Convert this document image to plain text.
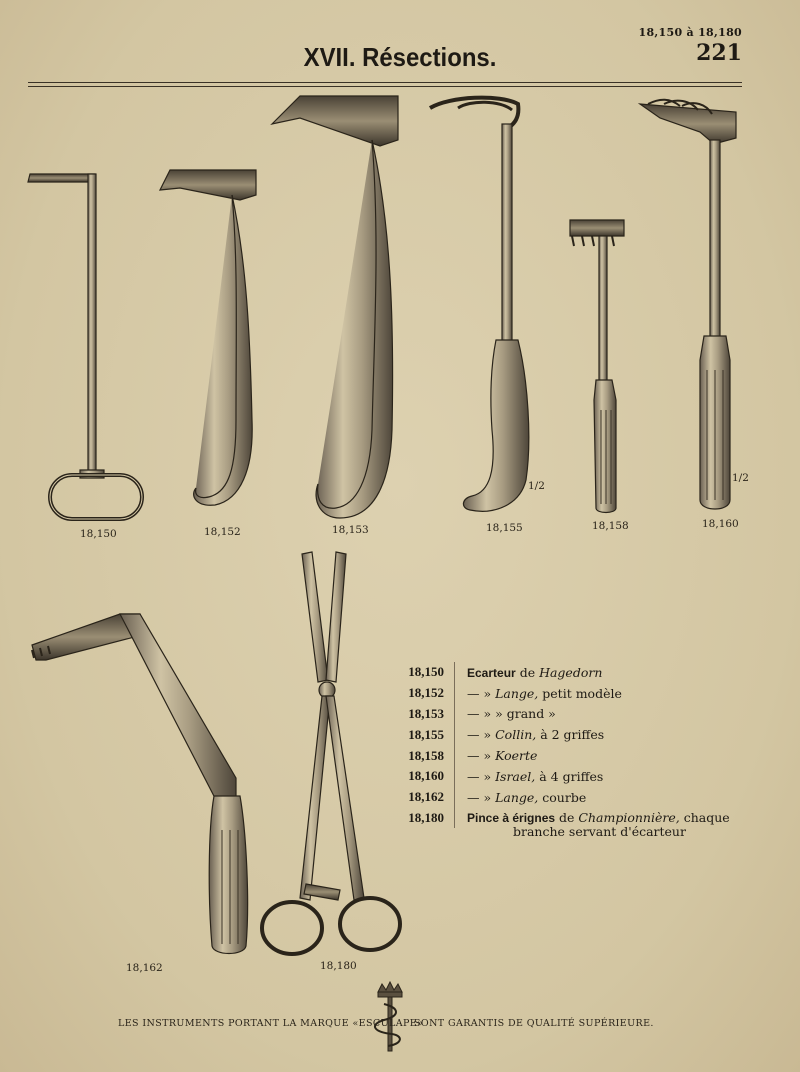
18,150 à 18,180
221
XVII. Résections.
18,150	18,152	18,153	18,155	18,158	18,160
18,162	18,180
1/2
1/2
18,150	Ecarteur de Hagedorn
18,152	— » Lange, petit modèle
18,153	— » » grand »
18,155	— » Collin, à 2 griffes
18,158	— » Koerte
18,160	— » Israel, à 4 griffes
18,162	— » Lange, courbe
18,180	Pince à érignes de Championnière, chaque
branche servant d'écarteur
LES INSTRUMENTS PORTANT LA MARQUE «ESCULAPE»
SONT GARANTIS DE QUALITÉ SUPÉRIEURE.
